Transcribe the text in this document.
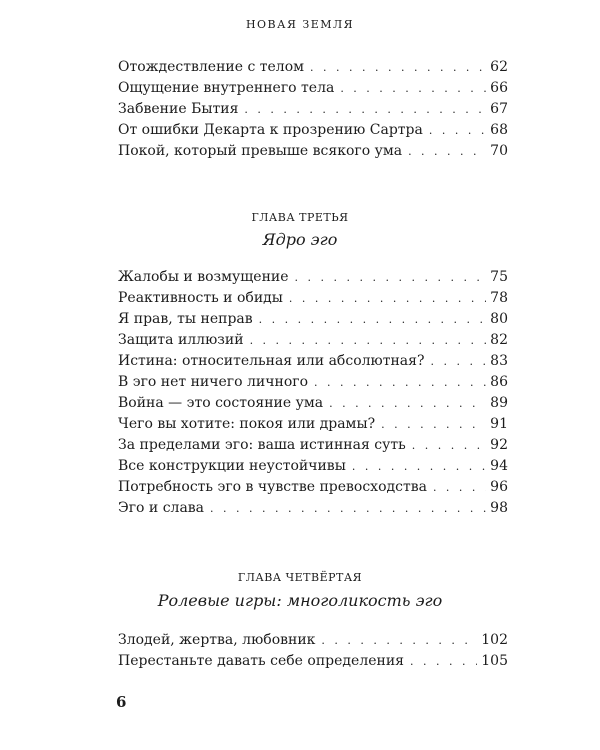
НОВАЯ ЗЕМЛЯ
Отождествление с телом . . .	62
Ощущение внутреннего тела . . .	66
Забвение Бытия . . .	67
От ошибки Декарта к прозрению Сартра . . .	68
Покой, который превыше всякого ума . . .	70
ГЛАВА ТРЕТЬЯ
Ядро эго
Жалобы и возмущение . . .	75
Реактивность и обиды . . .	78
Я прав, ты неправ . . .	80
Защита иллюзий . . .	82
Истина: относительная или абсолютная? . . .	83
В эго нет ничего личного . . .	86
Война — это состояние ума . . .	89
Чего вы хотите: покоя или драмы? . . .	91
За пределами эго: ваша истинная суть . . .	92
Все конструкции неустойчивы . . .	94
Потребность эго в чувстве превосходства . . .	96
Эго и слава . . .	98
ГЛАВА ЧЕТВЁРТАЯ
Ролевые игры: многоликость эго
Злодей, жертва, любовник . . .	102
Перестаньте давать себе определения . . .	105
6
